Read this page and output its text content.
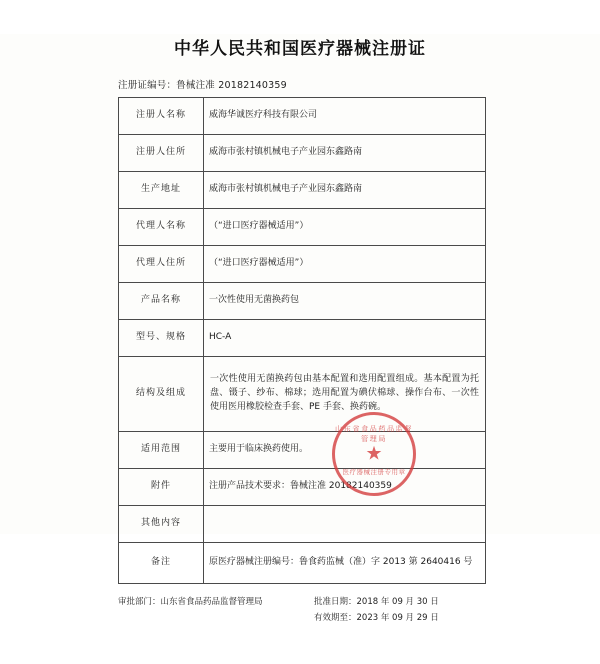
中华人民共和国医疗器械注册证
注册证编号：鲁械注准 20182140359
注册人名称	威海华诚医疗科技有限公司
注册人住所	威海市张村镇机械电子产业园东鑫路南
生产地址	威海市张村镇机械电子产业园东鑫路南
代理人名称	（“进口医疗器械适用”）
代理人住所	（“进口医疗器械适用”）
产品名称	一次性使用无菌换药包
型号、规格	HC-A
结构及组成	一次性使用无菌换药包由基本配置和选用配置组成。基本配置为托盘、镊子、纱布、棉球；选用配置为碘伏棉球、操作台布、一次性使用医用橡胶检查手套、PE 手套、换药碗。
适用范围	主要用于临床换药使用。
附件	注册产品技术要求：鲁械注准 20182140359
其他内容	
备注	原医疗器械注册编号：鲁食药监械（准）字 2013 第 2640416 号
审批部门：山东省食品药品监督管理局	批准日期：2018 年 09 月 30 日
有效期至：2023 年 09 月 29 日
山东省食品药品监督管理局
★
医疗器械注册专用章
